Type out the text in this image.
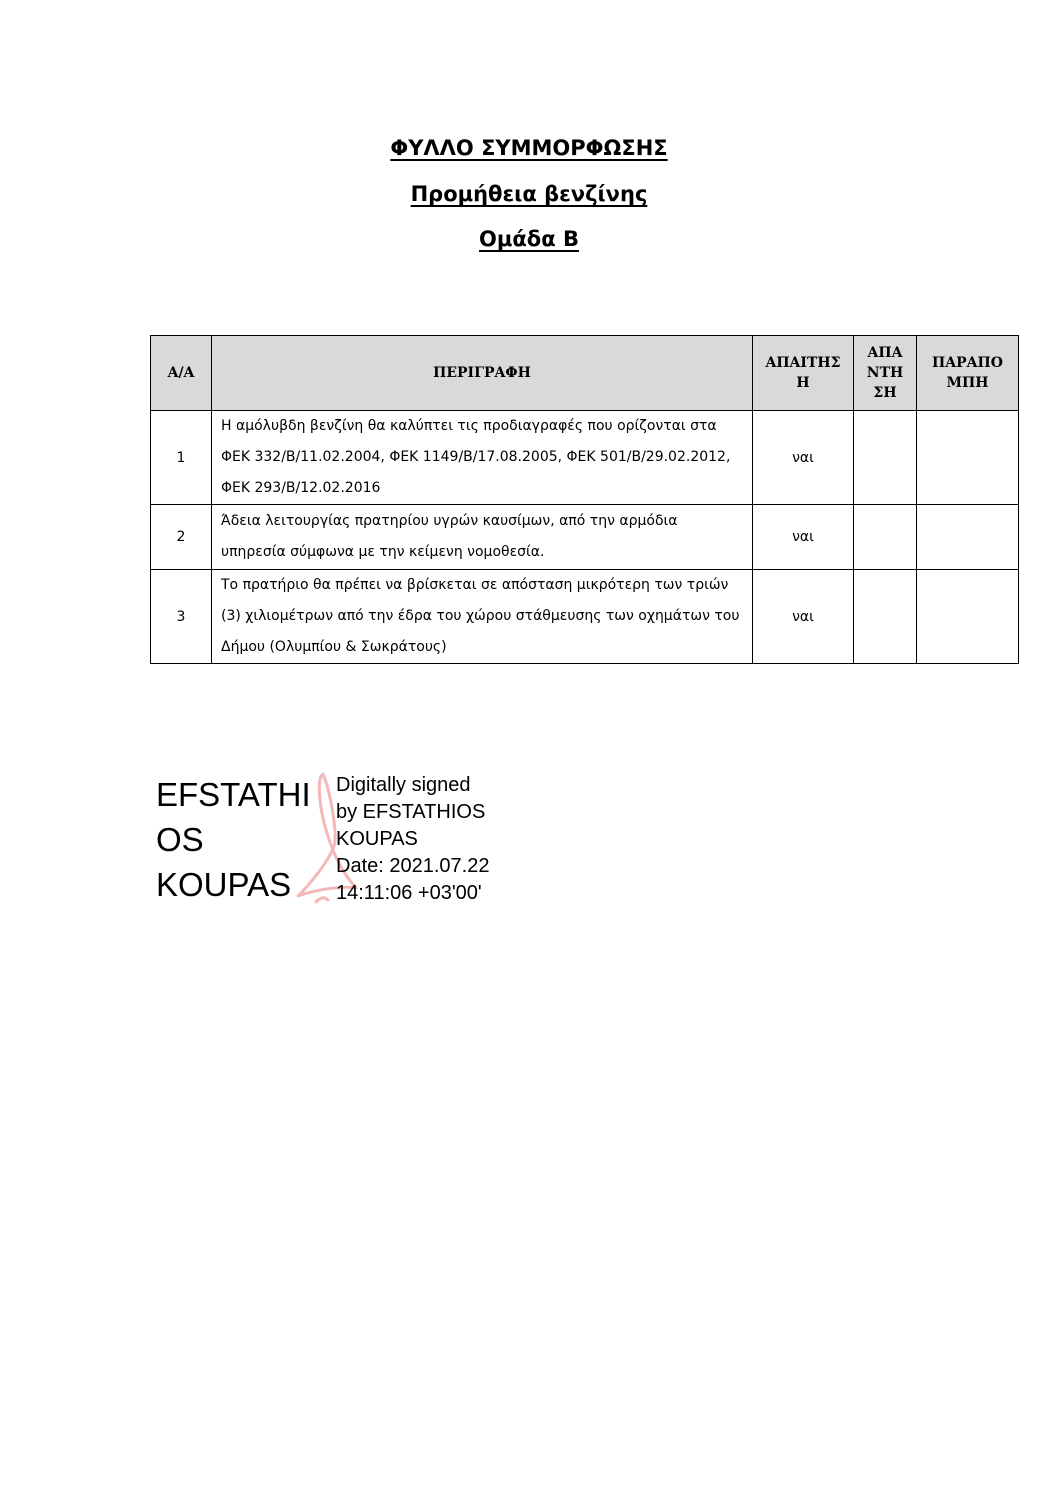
ΦΥΛΛΟ ΣΥΜΜΟΡΦΩΣΗΣ
Προμήθεια βενζίνης
Ομάδα Β
Α/Α	ΠΕΡΙΓΡΑΦΗ	ΑΠΑΙΤΗΣΗ	ΑΠΑΝΤΗΣΗ	ΠΑΡΑΠΟΜΠΗ
1	Η αμόλυβδη βενζίνη θα καλύπτει τις προδιαγραφές που ορίζονται στα ΦΕΚ 332/Β/11.02.2004, ΦΕΚ 1149/Β/17.08.2005, ΦΕΚ 501/Β/29.02.2012, ΦΕΚ 293/Β/12.02.2016	ναι		
2	Άδεια λειτουργίας πρατηρίου υγρών καυσίμων, από την αρμόδια υπηρεσία σύμφωνα με την κείμενη νομοθεσία.	ναι		
3	Το πρατήριο θα πρέπει να βρίσκεται σε απόσταση μικρότερη των τριών (3) χιλιομέτρων από την έδρα του χώρου στάθμευσης των οχημάτων του Δήμου (Ολυμπίου & Σωκράτους)	ναι		
EFSTATHI
OS
KOUPAS
Digitally signed
by EFSTATHIOS
KOUPAS
Date: 2021.07.22
14:11:06 +03'00'
